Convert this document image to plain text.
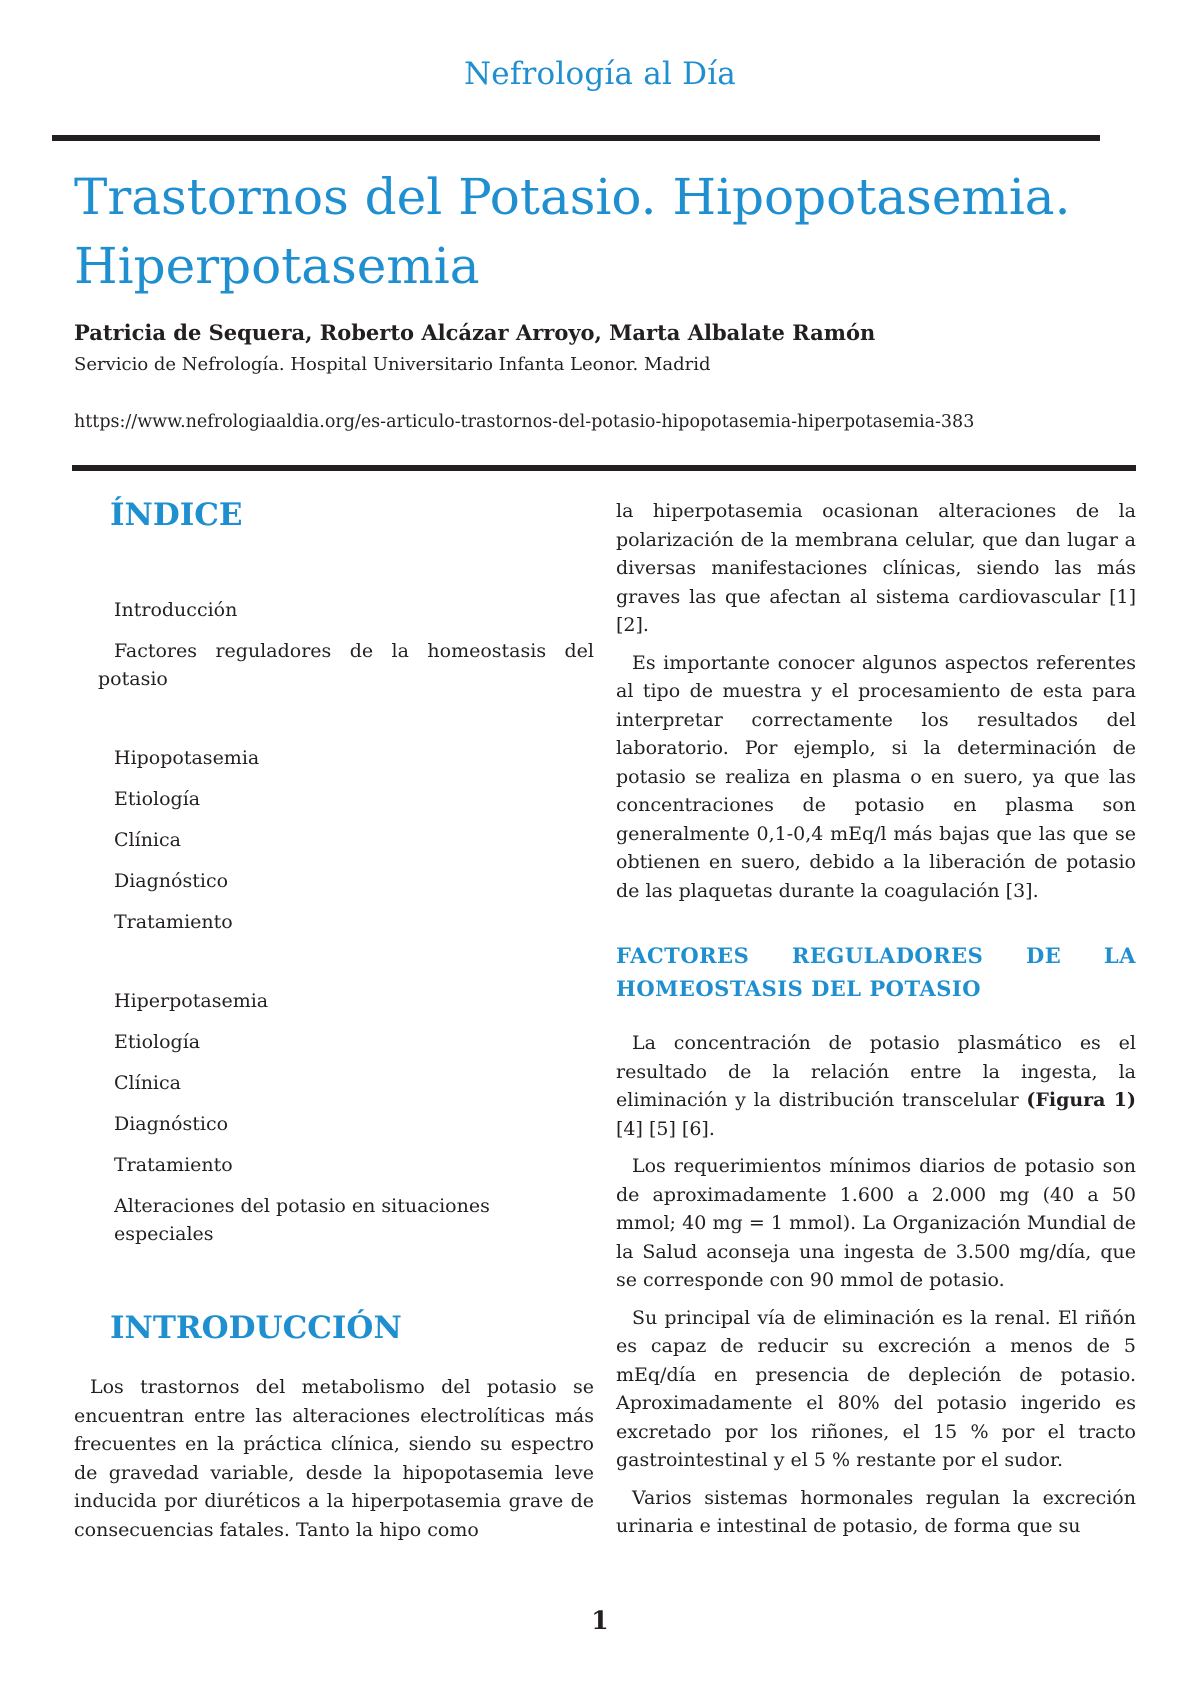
Nefrología al Día
Trastornos del Potasio. Hipopotasemia. Hiperpotasemia
Patricia de Sequera, Roberto Alcázar Arroyo, Marta Albalate Ramón
Servicio de Nefrología. Hospital Universitario Infanta Leonor. Madrid
https://www.nefrologiaaldia.org/es-articulo-trastornos-del-potasio-hipopotasemia-hiperpotasemia-383
ÍNDICE
Introducción
Factores reguladores de la homeostasis del potasio
Hipopotasemia
Etiología
Clínica
Diagnóstico
Tratamiento
Hiperpotasemia
Etiología
Clínica
Diagnóstico
Tratamiento
Alteraciones del potasio en situaciones especiales
INTRODUCCIÓN

Los trastornos del metabolismo del potasio se encuentran entre las alteraciones electrolíticas más frecuentes en la práctica clínica, siendo su espectro de gravedad variable, desde la hipopotasemia leve inducida por diuréticos a la hiperpotasemia grave de consecuencias fatales. Tanto la hipo como

la hiperpotasemia ocasionan alteraciones de la polarización de la membrana celular, que dan lugar a diversas manifestaciones clínicas, siendo las más graves las que afectan al sistema cardiovascular [1] [2].

Es importante conocer algunos aspectos referentes al tipo de muestra y el procesamiento de esta para interpretar correctamente los resultados del laboratorio. Por ejemplo, si la determinación de potasio se realiza en plasma o en suero, ya que las concentraciones de potasio en plasma son generalmente 0,1-0,4 mEq/l más bajas que las que se obtienen en suero, debido a la liberación de potasio de las plaquetas durante la coagulación [3].

FACTORES REGULADORES DE LA HOMEOSTASIS DEL POTASIO

La concentración de potasio plasmático es el resultado de la relación entre la ingesta, la eliminación y la distribución transcelular (Figura 1) [4] [5] [6].

Los requerimientos mínimos diarios de potasio son de aproximadamente 1.600 a 2.000 mg (40 a 50 mmol; 40 mg = 1 mmol). La Organización Mundial de la Salud aconseja una ingesta de 3.500 mg/día, que se corresponde con 90 mmol de potasio.

Su principal vía de eliminación es la renal. El riñón es capaz de reducir su excreción a menos de 5 mEq/día en presencia de depleción de potasio. Aproximadamente el 80% del potasio ingerido es excretado por los riñones, el 15 % por el tracto gastrointestinal y el 5 % restante por el sudor.

Varios sistemas hormonales regulan la excreción urinaria e intestinal de potasio, de forma que su

1
